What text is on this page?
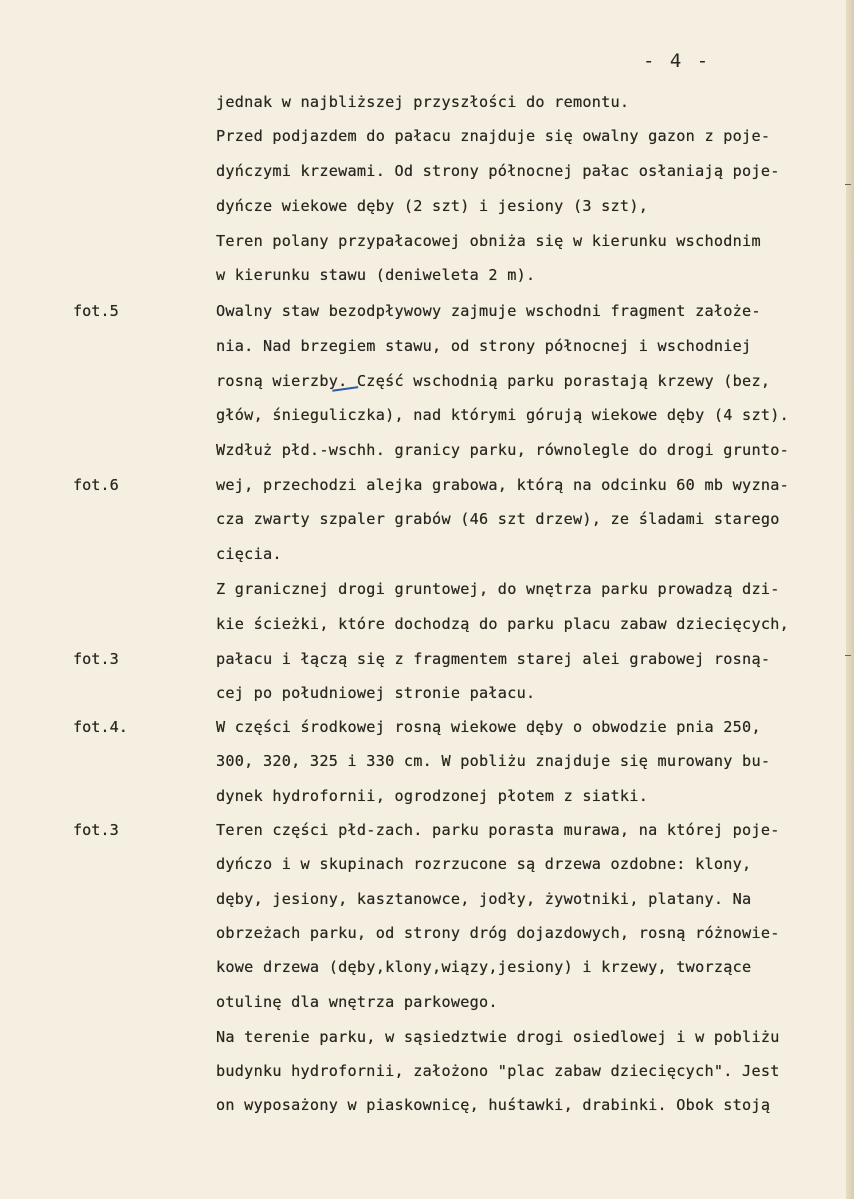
- 4 -
jednak w najbliższej przyszłości do remontu.
Przed podjazdem do pałacu znajduje się owalny gazon z poje-
dyńczymi krzewami. Od strony północnej pałac osłaniają poje-
dyńcze wiekowe dęby (2 szt) i jesiony (3 szt),
Teren polany przypałacowej obniża się w kierunku wschodnim
w kierunku stawu (deniweleta 2 m).
Owalny staw bezodpływowy zajmuje wschodni fragment założe-
nia. Nad brzegiem stawu, od strony północnej i wschodniej
rosną wierzby. Część wschodnią parku porastają krzewy (bez,
głów, śnieguliczka), nad którymi górują wiekowe dęby (4 szt).
Wzdłuż płd.-wschh. granicy parku, równolegle do drogi grunto-
wej, przechodzi alejka grabowa, którą na odcinku 60 mb wyzna-
cza zwarty szpaler grabów (46 szt drzew), ze śladami starego
cięcia.
Z granicznej drogi gruntowej, do wnętrza parku prowadzą dzi-
kie ścieżki, które dochodzą do parku placu zabaw dziecięcych,
pałacu i łączą się z fragmentem starej alei grabowej rosną-
cej po południowej stronie pałacu.
W części środkowej rosną wiekowe dęby o obwodzie pnia 250,
300, 320, 325 i 330 cm. W pobliżu znajduje się murowany bu-
dynek hydrofornii, ogrodzonej płotem z siatki.
Teren części płd-zach. parku porasta murawa, na której poje-
dyńczo i w skupinach rozrzucone są drzewa ozdobne: klony,
dęby, jesiony, kasztanowce, jodły, żywotniki, platany. Na
obrzeżach parku, od strony dróg dojazdowych, rosną różnowie-
kowe drzewa (dęby,klony,wiązy,jesiony) i krzewy, tworzące
otulinę dla wnętrza parkowego.
Na terenie parku, w sąsiedztwie drogi osiedlowej i w pobliżu
budynku hydrofornii, założono "plac zabaw dziecięcych". Jest
on wyposażony w piaskownicę, huśtawki, drabinki. Obok stoją
fot.5
fot.6
fot.3
fot.4.
fot.3
